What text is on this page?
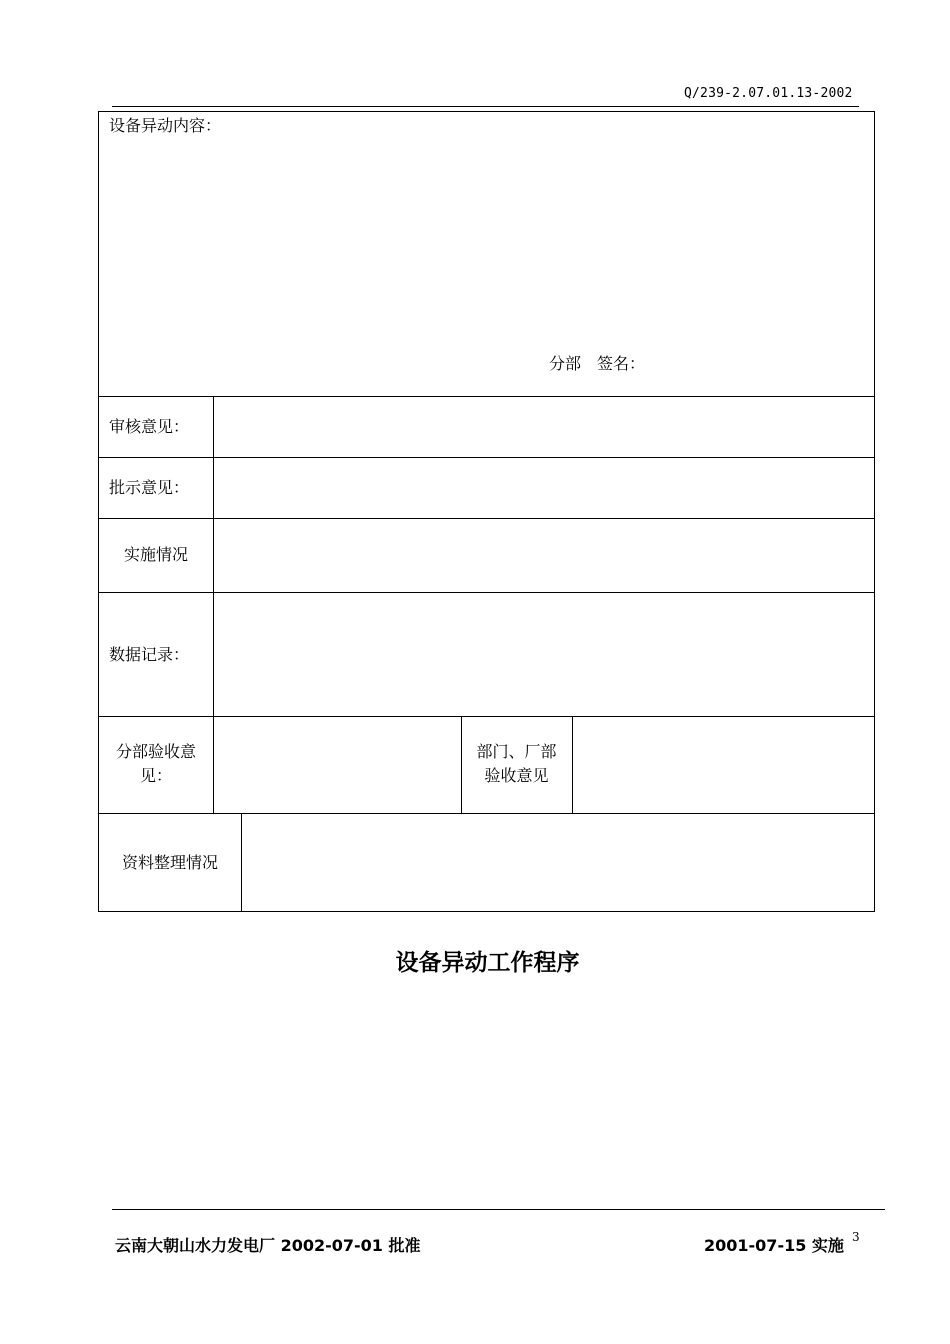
Q/239-2.07.01.13-2002
设备异动内容：
分部　签名：
审核意见：
批示意见：
实施情况
数据记录：
分部验收意
见：
部门、厂部
验收意见
资料整理情况
设备异动工作程序
云南大朝山水力发电厂 2002-07-01 批准	2001-07-15 实施 3
